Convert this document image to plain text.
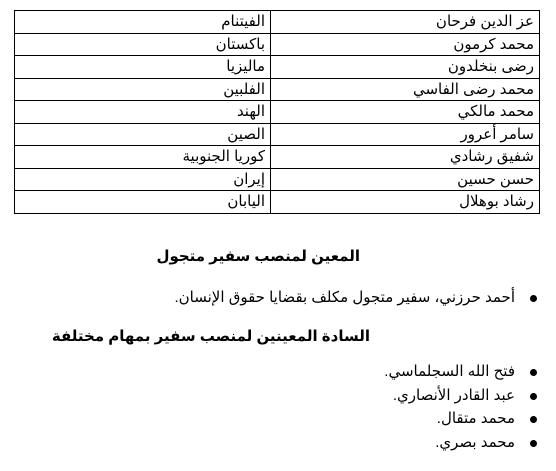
عز الدين فرحان	الفيتنام
محمد كرمون	باكستان
رضى بنخلدون	ماليزيا
محمد رضى الفاسي	الفلبين
محمد مالكي	الهند
سامر أعرور	الصين
شفيق رشادي	كوريا الجنوبية
حسن حسين	إيران
رشاد بوهلال	اليابان
المعين لمنصب سفير متجول
أحمد حرزني، سفير متجول مكلف بقضايا حقوق الإنسان.
السادة المعينين لمنصب سفير بمهام مختلفة
فتح الله السجلماسي.
عبد القادر الأنصاري.
محمد متقال.
محمد بصري.
